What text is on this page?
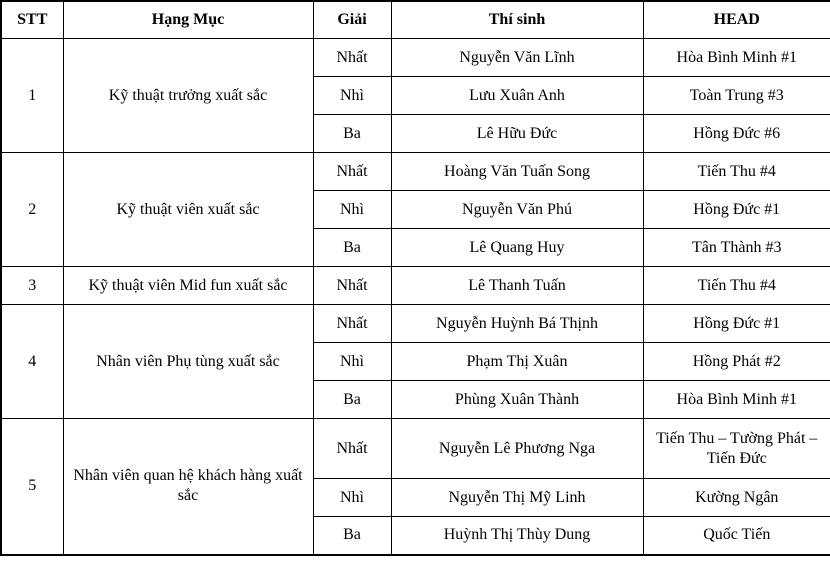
STT	Hạng Mục	Giải	Thí sinh	HEAD
1	Kỹ thuật trưởng xuất sắc	Nhất	Nguyễn Văn Lĩnh	Hòa Bình Minh #1
		Nhì	Lưu Xuân Anh	Toàn Trung #3
		Ba	Lê Hữu Đức	Hồng Đức #6
2	Kỹ thuật viên xuất sắc	Nhất	Hoàng Văn Tuấn Song	Tiến Thu #4
		Nhì	Nguyễn Văn Phú	Hồng Đức #1
		Ba	Lê Quang Huy	Tân Thành #3
3	Kỹ thuật viên Mid fun xuất sắc	Nhất	Lê Thanh Tuấn	Tiến Thu #4
4	Nhân viên Phụ tùng xuất sắc	Nhất	Nguyễn Huỳnh Bá Thịnh	Hồng Đức #1
		Nhì	Phạm Thị Xuân	Hồng Phát #2
		Ba	Phùng Xuân Thành	Hòa Bình Minh #1
5	Nhân viên quan hệ khách hàng xuất sắc	Nhất	Nguyễn Lê Phương Nga	Tiến Thu – Tường Phát – Tiến Đức
		Nhì	Nguyễn Thị Mỹ Linh	Kường Ngân
		Ba	Huỳnh Thị Thùy Dung	Quốc Tiến
